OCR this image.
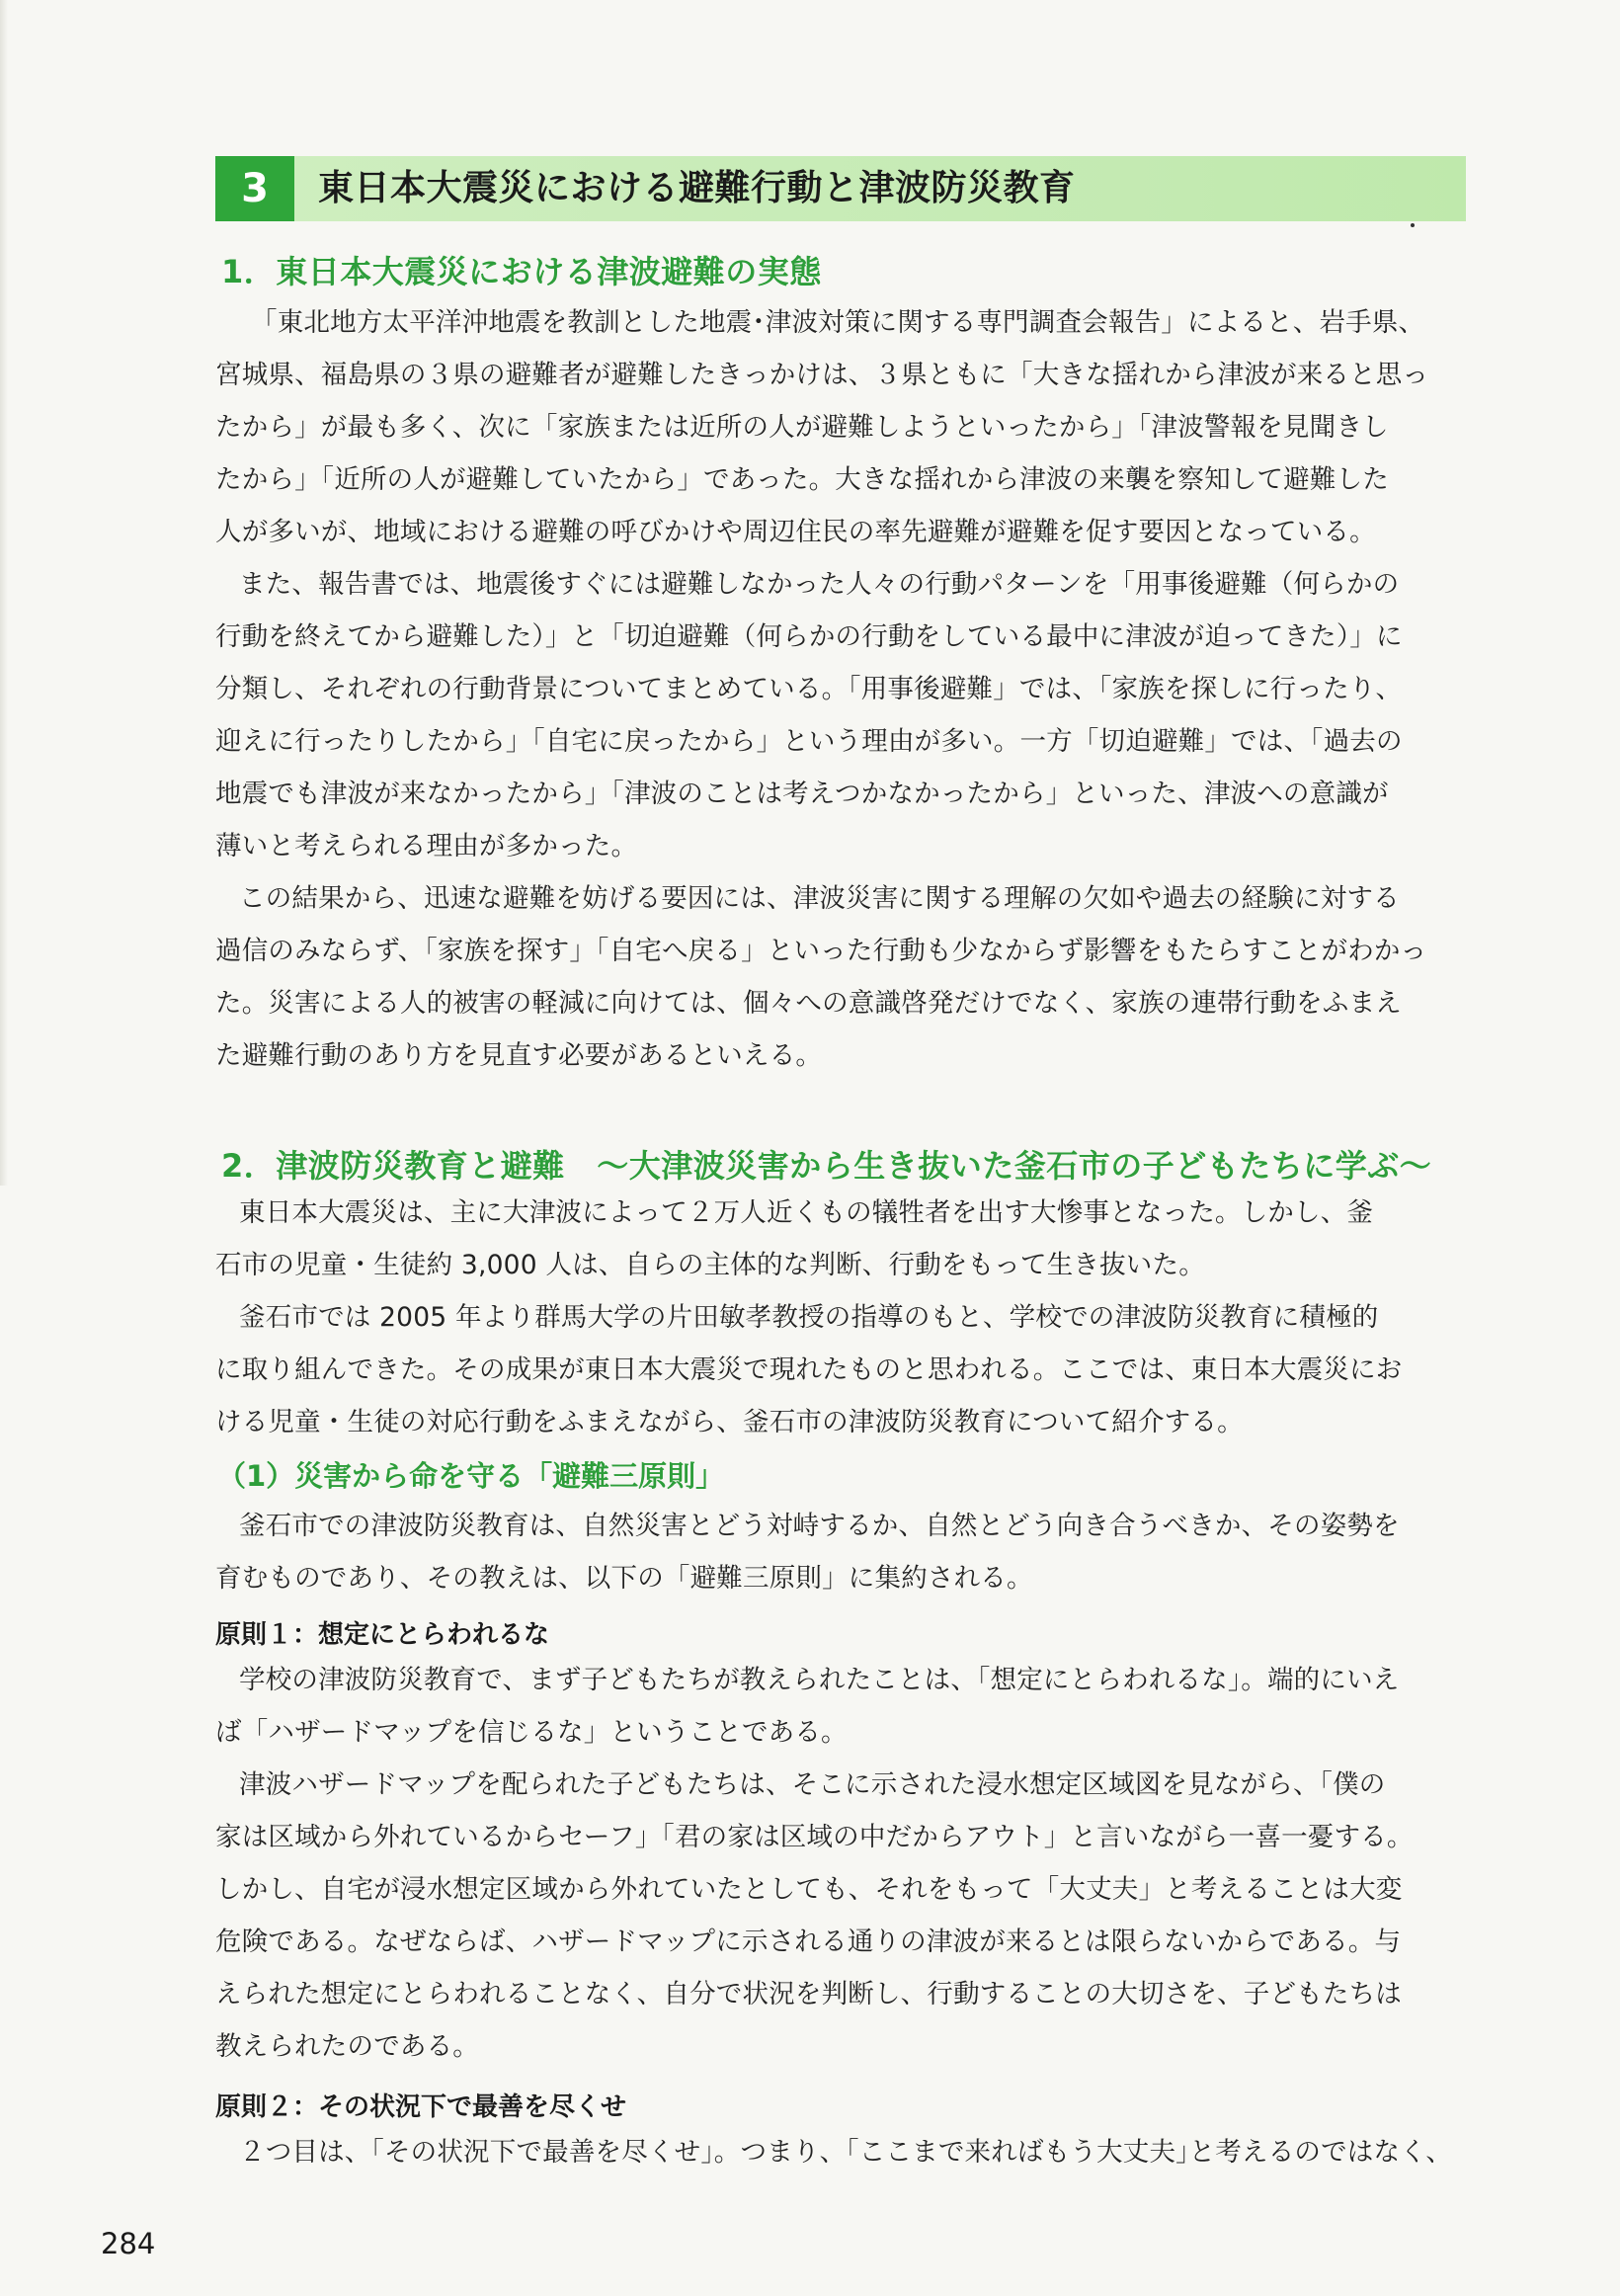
3	東日本大震災における避難行動と津波防災教育
1．東日本大震災における津波避難の実態
「東北地方太平洋沖地震を教訓とした地震･津波対策に関する専門調査会報告」によると、岩手県、
宮城県、福島県の３県の避難者が避難したきっかけは、３県ともに「大きな揺れから津波が来ると思っ
たから」が最も多く、次に「家族または近所の人が避難しようといったから」「津波警報を見聞きし
たから」「近所の人が避難していたから」であった。大きな揺れから津波の来襲を察知して避難した
人が多いが、地域における避難の呼びかけや周辺住民の率先避難が避難を促す要因となっている。
また、報告書では、地震後すぐには避難しなかった人々の行動パターンを「用事後避難（何らかの
行動を終えてから避難した）」と「切迫避難（何らかの行動をしている最中に津波が迫ってきた）」に
分類し、それぞれの行動背景についてまとめている。「用事後避難」では、「家族を探しに行ったり、
迎えに行ったりしたから」「自宅に戻ったから」という理由が多い。一方「切迫避難」では、「過去の
地震でも津波が来なかったから」「津波のことは考えつかなかったから」といった、津波への意識が
薄いと考えられる理由が多かった。
この結果から、迅速な避難を妨げる要因には、津波災害に関する理解の欠如や過去の経験に対する
過信のみならず、｢家族を探す｣「自宅へ戻る」といった行動も少なからず影響をもたらすことがわかっ
た。災害による人的被害の軽減に向けては、個々への意識啓発だけでなく、家族の連帯行動をふまえ
た避難行動のあり方を見直す必要があるといえる。
2．津波防災教育と避難　～大津波災害から生き抜いた釜石市の子どもたちに学ぶ～
東日本大震災は、主に大津波によって２万人近くもの犠牲者を出す大惨事となった。しかし、釜
石市の児童・生徒約 3,000 人は、自らの主体的な判断、行動をもって生き抜いた。
釜石市では 2005 年より群馬大学の片田敏孝教授の指導のもと、学校での津波防災教育に積極的
に取り組んできた。その成果が東日本大震災で現れたものと思われる。ここでは、東日本大震災にお
ける児童・生徒の対応行動をふまえながら、釜石市の津波防災教育について紹介する。
（1）災害から命を守る「避難三原則」
釜石市での津波防災教育は、自然災害とどう対峙するか、自然とどう向き合うべきか、その姿勢を
育むものであり、その教えは、以下の「避難三原則」に集約される。
原則１：想定にとらわれるな
学校の津波防災教育で、まず子どもたちが教えられたことは、｢想定にとらわれるな｣。端的にいえ
ば「ハザードマップを信じるな」ということである。
津波ハザードマップを配られた子どもたちは、そこに示された浸水想定区域図を見ながら、「僕の
家は区域から外れているからセーフ」「君の家は区域の中だからアウト」と言いながら一喜一憂する。
しかし、自宅が浸水想定区域から外れていたとしても、それをもって「大丈夫」と考えることは大変
危険である。なぜならば、ハザードマップに示される通りの津波が来るとは限らないからである。与
えられた想定にとらわれることなく、自分で状況を判断し、行動することの大切さを、子どもたちは
教えられたのである。
原則２：その状況下で最善を尽くせ
２つ目は、｢その状況下で最善を尽くせ｣。つまり、｢ここまで来ればもう大丈夫｣と考えるのではなく、
284
